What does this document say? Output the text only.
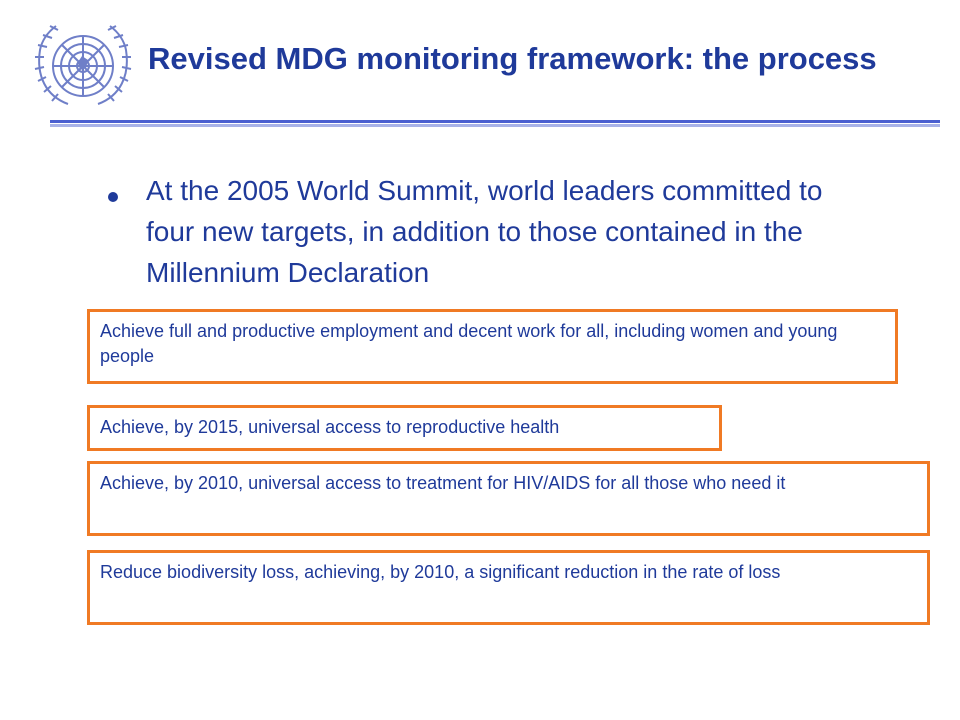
Revised MDG monitoring framework: the process

At the 2005 World Summit, world leaders committed to four new targets, in addition to those contained in the Millennium Declaration

Achieve full and productive employment and decent work for all, including women and young people
Achieve, by 2015, universal access to reproductive health
Achieve, by 2010, universal access to treatment for HIV/AIDS for all those who need it
Reduce biodiversity loss, achieving, by 2010, a significant reduction in the rate of loss
